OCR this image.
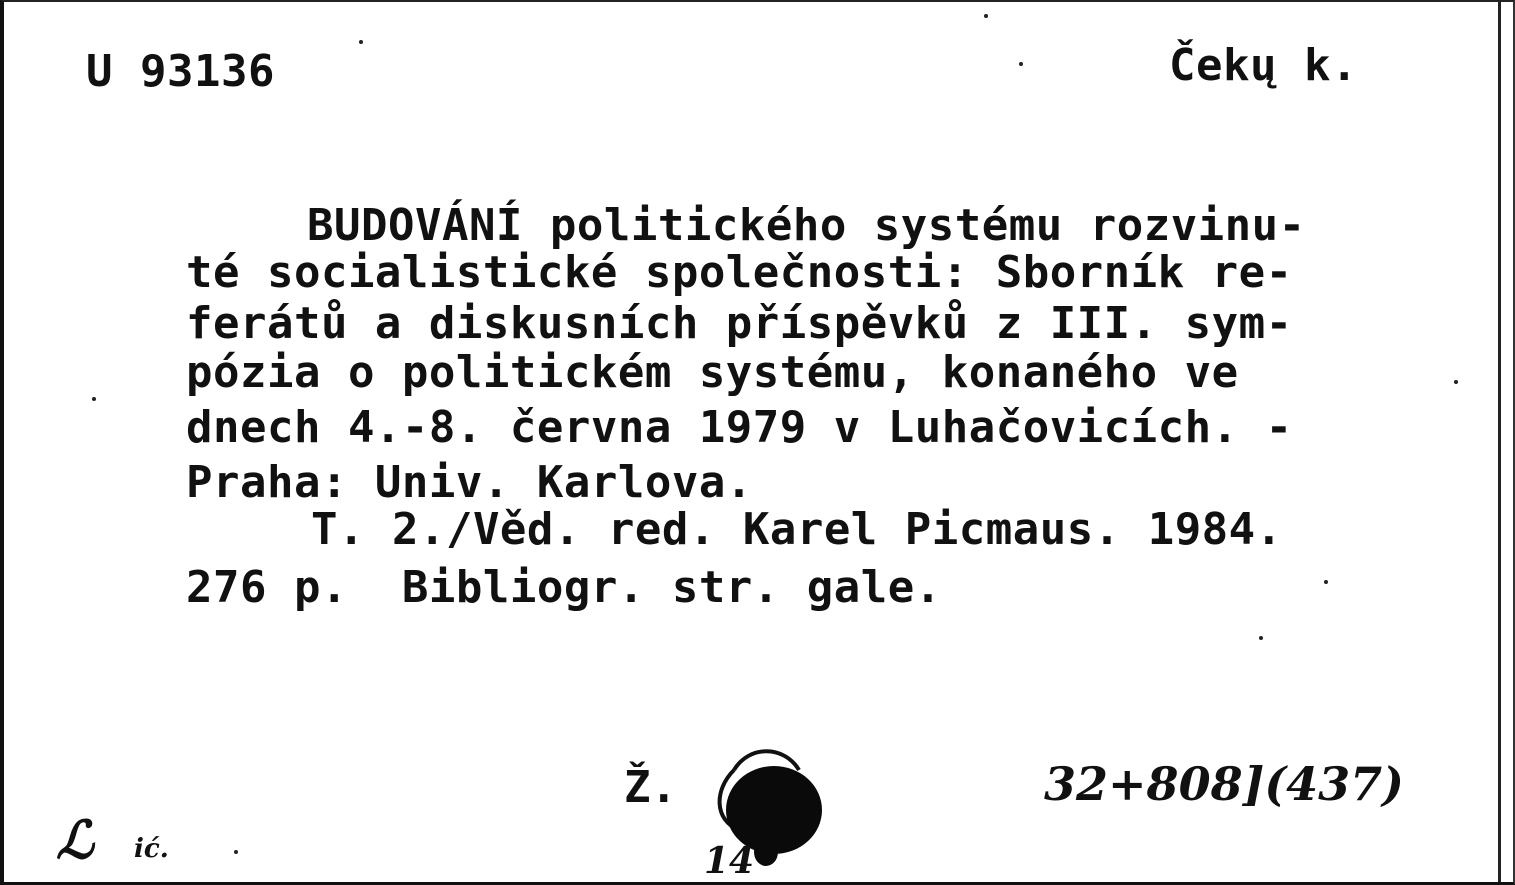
U 93136	Čekų k.
BUDOVÁNÍ politického systému rozvinu-
té socialistické společnosti: Sborník re-
ferátů a diskusních příspěvků z III. sym-
pózia o politickém systému, konaného ve
dnech 4.-8. června 1979 v Luhačovicích. -
Praha: Univ. Karlova.
T. 2./Věd. red. Karel Picmaus. 1984.
276 p.  Bibliogr. str. gale.
Ž.	32+808](437)
ℒ ić.	14
